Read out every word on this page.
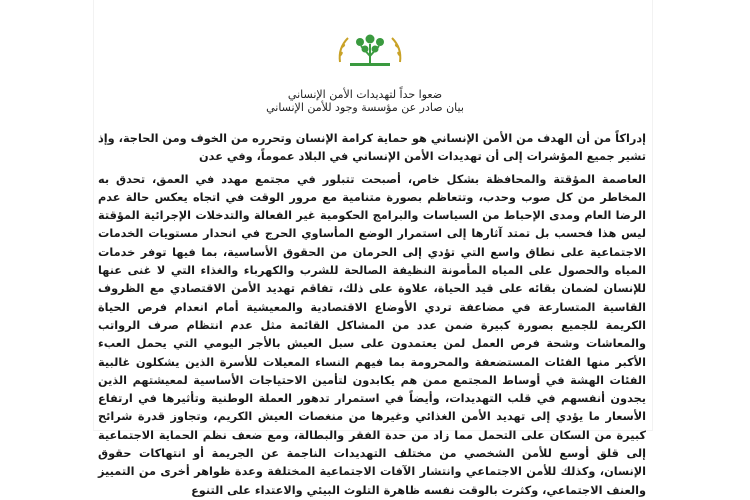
ضعوا حداً لتهديدات الأمن الإنساني
بيان صادر عن مؤسسة وجود للأمن الإنساني

إدراكاً من أن الهدف من الأمن الإنساني هو حماية كرامة الإنسان وتحرره من الخوف ومن الحاجة، وإذ تشير جميع المؤشرات إلى أن تهديدات الأمن الإنساني في البلاد عموماً، وفي عدن

العاصمة المؤقتة والمحافظة بشكل خاص، أصبحت تتبلور في مجتمع مهدد في العمق، تحدق به المخاطر من كل صوب وحدب، وتتعاظم بصورة متنامية مع مرور الوقت في اتجاه يعكس حالة عدم الرضا العام ومدى الإحباط من السياسات والبرامج الحكومية غير الفعالة والتدخلات الإجرائية المؤقتة ليس هذا فحسب بل تمتد آثارها إلى استمرار الوضع المأساوي الحرج في انحدار مستويات الخدمات الاجتماعية على نطاق واسع التي تؤدي إلى الحرمان من الحقوق الأساسية، بما فيها توفر خدمات المياه والحصول على المياه المأمونة النظيفة الصالحة للشرب والكهرباء والغذاء التي لا غنى عنها للإنسان لضمان بقائه على قيد الحياة، علاوة على ذلك، تفاقم تهديد الأمن الاقتصادي مع الظروف القاسية المتسارعة في مضاعفة تردي الأوضاع الاقتصادية والمعيشية أمام انعدام فرص الحياة الكريمة للجميع بصورة كبيرة ضمن عدد من المشاكل القائمة مثل عدم انتظام صرف الرواتب والمعاشات وشحة فرص العمل لمن يعتمدون على سبل العيش بالأجر اليومي التي يحمل العبء الأكبر منها الفئات المستضعفة والمحرومة بما فيهم النساء المعيلات للأسرة الذين يشكلون غالبية الفئات الهشة في أوساط المجتمع ممن هم يكابدون لتأمين الاحتياجات الأساسية لمعيشتهم الذين يجدون أنفسهم في قلب التهديدات، وأيضاً في استمرار تدهور العملة الوطنية وتأثيرها في ارتفاع الأسعار ما يؤدي إلى تهديد الأمن الغذائي وغيرها من منغصات العيش الكريم، وتجاوز قدرة شرائح كبيرة من السكان على التحمل مما زاد من حدة الفقر والبطالة، ومع ضعف نظم الحماية الاجتماعية إلى قلق أوسع للأمن الشخصي من مختلف التهديدات الناجمة عن الجريمة أو انتهاكات حقوق الإنسان، وكذلك للأمن الاجتماعي وانتشار الآفات الاجتماعية المختلفة وعدة ظواهر أخرى من التمييز والعنف الاجتماعي، وكثرت بالوقت نفسه ظاهرة التلوث البيئي والاعتداء على التنوع
